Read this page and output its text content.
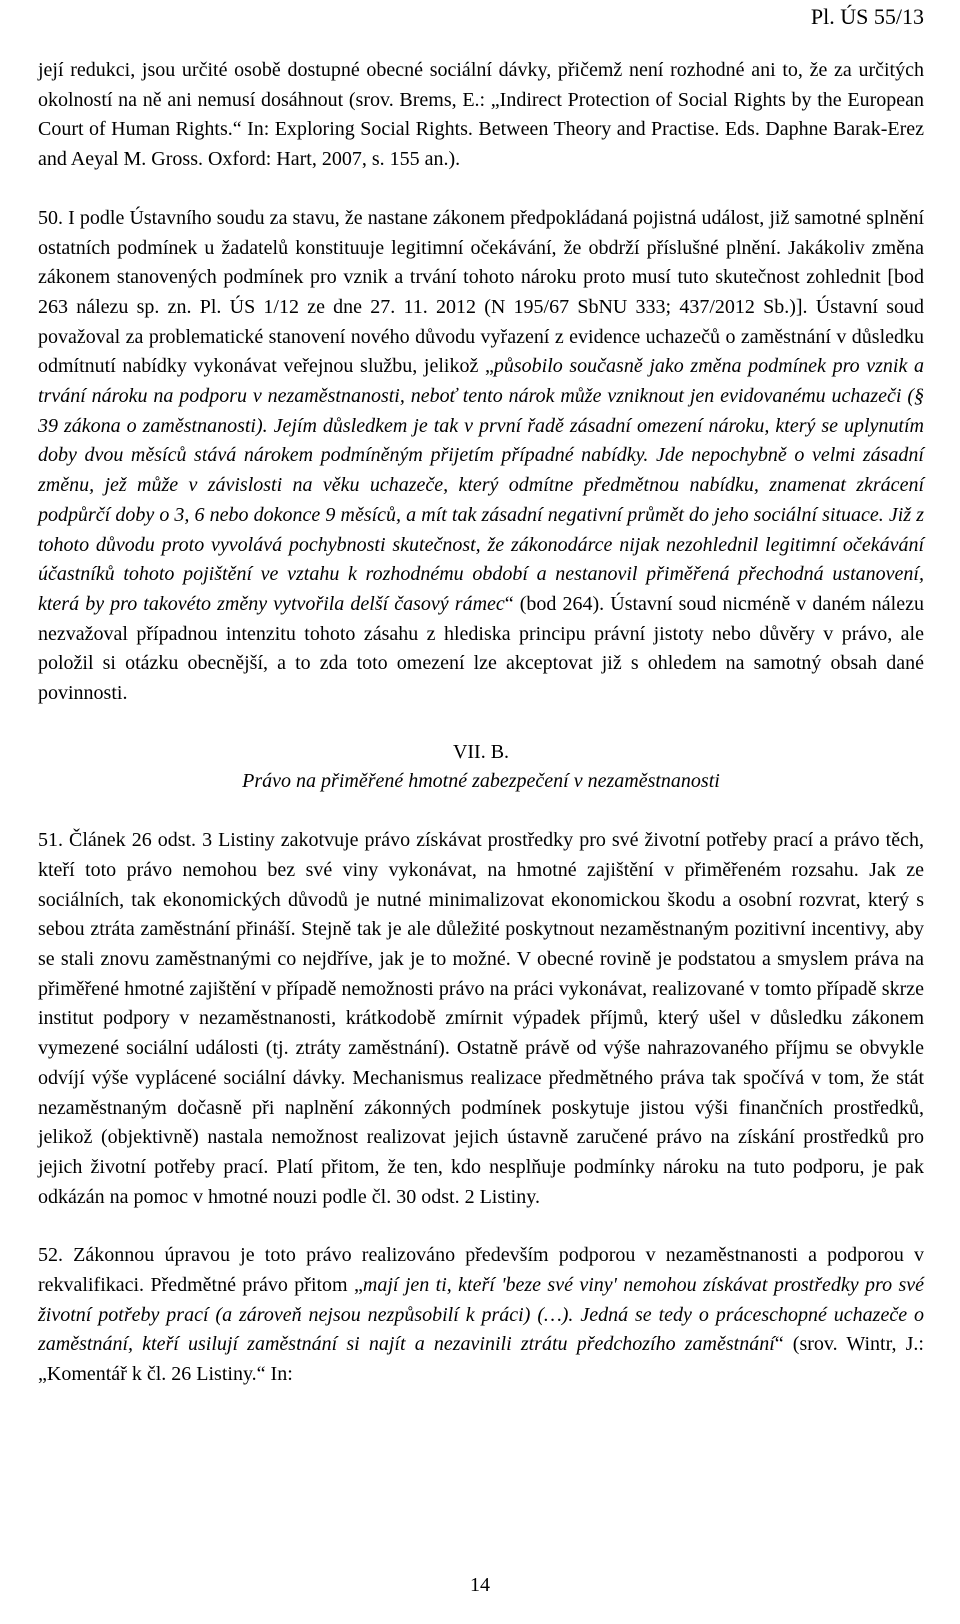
Pl. ÚS 55/13

její redukci, jsou určité osobě dostupné obecné sociální dávky, přičemž není rozhodné ani to, že za určitých okolností na ně ani nemusí dosáhnout (srov. Brems, E.: „Indirect Protection of Social Rights by the European Court of Human Rights.“ In: Exploring Social Rights. Between Theory and Practise. Eds. Daphne Barak-Erez and Aeyal M. Gross. Oxford: Hart, 2007, s. 155 an.).

50. I podle Ústavního soudu za stavu, že nastane zákonem předpokládaná pojistná událost, již samotné splnění ostatních podmínek u žadatelů konstituuje legitimní očekávání, že obdrží příslušné plnění. Jakákoliv změna zákonem stanovených podmínek pro vznik a trvání tohoto nároku proto musí tuto skutečnost zohlednit [bod 263 nálezu sp. zn. Pl. ÚS 1/12 ze dne 27. 11. 2012 (N 195/67 SbNU 333; 437/2012 Sb.)]. Ústavní soud považoval za problematické stanovení nového důvodu vyřazení z evidence uchazečů o zaměstnání v důsledku odmítnutí nabídky vykonávat veřejnou službu, jelikož „působilo současně jako změna podmínek pro vznik a trvání nároku na podporu v nezaměstnanosti, neboť tento nárok může vzniknout jen evidovanému uchazeči (§ 39 zákona o zaměstnanosti). Jejím důsledkem je tak v první řadě zásadní omezení nároku, který se uplynutím doby dvou měsíců stává nárokem podmíněným přijetím případné nabídky. Jde nepochybně o velmi zásadní změnu, jež může v závislosti na věku uchazeče, který odmítne předmětnou nabídku, znamenat zkrácení podpůrčí doby o 3, 6 nebo dokonce 9 měsíců, a mít tak zásadní negativní průmět do jeho sociální situace. Již z tohoto důvodu proto vyvolává pochybnosti skutečnost, že zákonodárce nijak nezohlednil legitimní očekávání účastníků tohoto pojištění ve vztahu k rozhodnému období a nestanovil přiměřená přechodná ustanovení, která by pro takovéto změny vytvořila delší časový rámec“ (bod 264). Ústavní soud nicméně v daném nálezu nezvažoval případnou intenzitu tohoto zásahu z hlediska principu právní jistoty nebo důvěry v právo, ale položil si otázku obecnější, a to zda toto omezení lze akceptovat již s ohledem na samotný obsah dané povinnosti.

VII. B.

Právo na přiměřené hmotné zabezpečení v nezaměstnanosti

51. Článek 26 odst. 3 Listiny zakotvuje právo získávat prostředky pro své životní potřeby prací a právo těch, kteří toto právo nemohou bez své viny vykonávat, na hmotné zajištění v přiměřeném rozsahu. Jak ze sociálních, tak ekonomických důvodů je nutné minimalizovat ekonomickou škodu a osobní rozvrat, který s sebou ztráta zaměstnání přináší. Stejně tak je ale důležité poskytnout nezaměstnaným pozitivní incentivy, aby se stali znovu zaměstnanými co nejdříve, jak je to možné. V obecné rovině je podstatou a smyslem práva na přiměřené hmotné zajištění v případě nemožnosti právo na práci vykonávat, realizované v tomto případě skrze institut podpory v nezaměstnanosti, krátkodobě zmírnit výpadek příjmů, který ušel v důsledku zákonem vymezené sociální události (tj. ztráty zaměstnání). Ostatně právě od výše nahrazovaného příjmu se obvykle odvíjí výše vyplácené sociální dávky. Mechanismus realizace předmětného práva tak spočívá v tom, že stát nezaměstnaným dočasně při naplnění zákonných podmínek poskytuje jistou výši finančních prostředků, jelikož (objektivně) nastala nemožnost realizovat jejich ústavně zaručené právo na získání prostředků pro jejich životní potřeby prací. Platí přitom, že ten, kdo nesplňuje podmínky nároku na tuto podporu, je pak odkázán na pomoc v hmotné nouzi podle čl. 30 odst. 2 Listiny.

52. Zákonnou úpravou je toto právo realizováno především podporou v nezaměstnanosti a podporou v rekvalifikaci. Předmětné právo přitom „mají jen ti, kteří 'beze své viny' nemohou získávat prostředky pro své životní potřeby prací (a zároveň nejsou nezpůsobilí k práci) (…). Jedná se tedy o práceschopné uchazeče o zaměstnání, kteří usilují zaměstnání si najít a nezavinili ztrátu předchozího zaměstnání“ (srov. Wintr, J.: „Komentář k čl. 26 Listiny.“ In:

14
